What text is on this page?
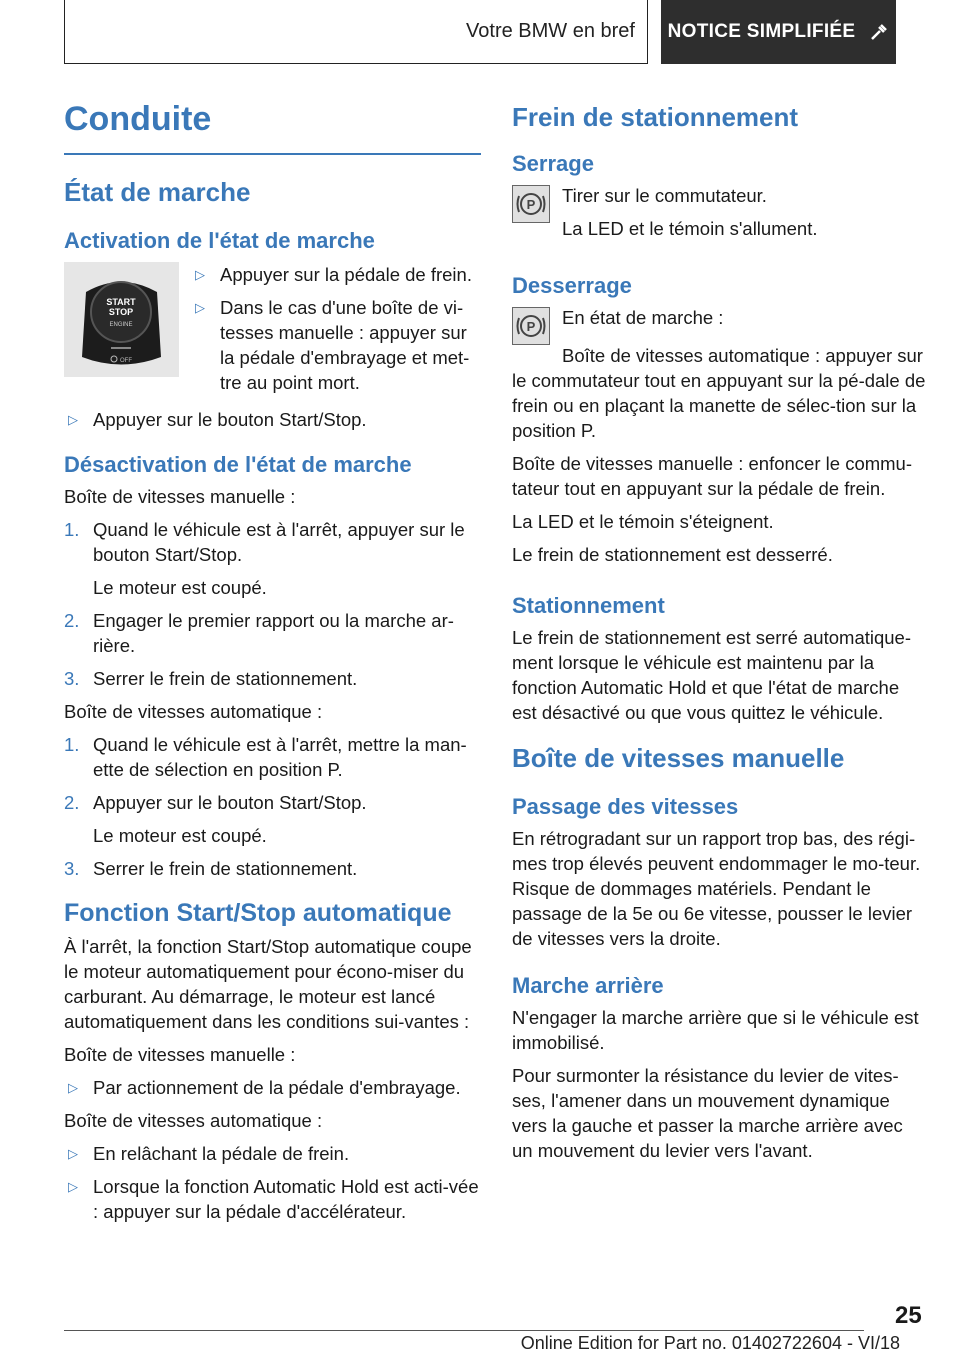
Votre BMW en bref NOTICE SIMPLIFIÉE
Conduite
État de marche
Activation de l'état de marche
START
STOP
ENGINE
OFF
▷ Appuyer sur la pédale de frein.
▷ Dans le cas d'une boîte de vi-tesses manuelle : appuyer sur la pédale d'embrayage et met-tre au point mort.
▷ Appuyer sur le bouton Start/Stop.
Désactivation de l'état de marche

Boîte de vitesses manuelle :

1. Quand le véhicule est à l'arrêt, appuyer sur le bouton Start/Stop.

Le moteur est coupé.

2. Engager le premier rapport ou la marche ar-rière.
3. Serrer le frein de stationnement.

Boîte de vitesses automatique :

1. Quand le véhicule est à l'arrêt, mettre la man-ette de sélection en position P.
2. Appuyer sur le bouton Start/Stop.

Le moteur est coupé.

3. Serrer le frein de stationnement.
Fonction Start/Stop automatique

À l'arrêt, la fonction Start/Stop automatique coupe le moteur automatiquement pour écono-miser du carburant. Au démarrage, le moteur est lancé automatiquement dans les conditions sui-vantes :

Boîte de vitesses manuelle :

▷ Par actionnement de la pédale d'embrayage.

Boîte de vitesses automatique :

▷ En relâchant la pédale de frein.
▷ Lorsque la fonction Automatic Hold est acti-vée : appuyer sur la pédale d'accélérateur.
Frein de stationnement
Serrage
P Tirer sur le commutateur.

La LED et le témoin s'allument.

Desserrage
P En état de marche :

Boîte de vitesses automatique : appuyer sur le commutateur tout en appuyant sur la pé-dale de frein ou en plaçant la manette de sélec-tion sur la position P.

Boîte de vitesses manuelle : enfoncer le commu-tateur tout en appuyant sur la pédale de frein.

La LED et le témoin s'éteignent.

Le frein de stationnement est desserré.

Stationnement

Le frein de stationnement est serré automatique-ment lorsque le véhicule est maintenu par la fonction Automatic Hold et que l'état de marche est désactivé ou que vous quittez le véhicule.

Boîte de vitesses manuelle
Passage des vitesses

En rétrogradant sur un rapport trop bas, des régi-mes trop élevés peuvent endommager le mo-teur. Risque de dommages matériels. Pendant le passage de la 5e ou 6e vitesse, pousser le levier de vitesses vers la droite.

Marche arrière

N'engager la marche arrière que si le véhicule est immobilisé.

Pour surmonter la résistance du levier de vites-ses, l'amener dans un mouvement dynamique vers la gauche et passer la marche arrière avec un mouvement du levier vers l'avant.

25
Online Edition for Part no. 01402722604 - VI/18
